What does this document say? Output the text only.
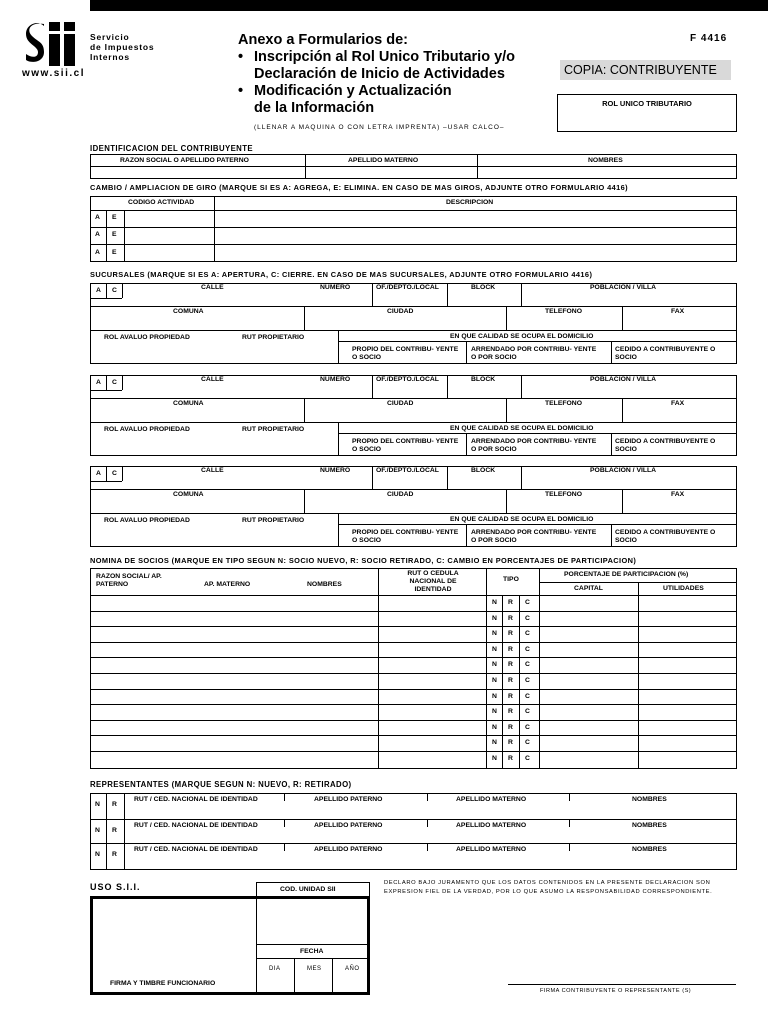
www.sii.cl
Servicio
de Impuestos
Internos
Anexo a Formularios de:
• Inscripción al Rol Unico Tributario y/o
Declaración de Inicio de Actividades
• Modificación y Actualización
de la Información
F 4416
COPIA: CONTRIBUYENTE
ROL UNICO TRIBUTARIO
(LLENAR A MAQUINA O CON LETRA IMPRENTA) –USAR CALCO–
IDENTIFICACION DEL CONTRIBUYENTE
RAZON SOCIAL O APELLIDO PATERNO	APELLIDO MATERNO	NOMBRES
CAMBIO / AMPLIACION DE GIRO (MARQUE SI ES A: AGREGA, E: ELIMINA. EN CASO DE MAS GIROS, ADJUNTE OTRO FORMULARIO 4416)
CODIGO ACTIVIDAD	DESCRIPCION
A E
A E
A E
SUCURSALES (MARQUE SI ES A: APERTURA, C: CIERRE. EN CASO DE MAS SUCURSALES, ADJUNTE OTRO FORMULARIO 4416)
A C	CALLE	NUMERO	OF./DEPTO./LOCAL	BLOCK	POBLACION / VILLA
COMUNA	CIUDAD	TELEFONO	FAX
ROL AVALUO PROPIEDAD	RUT PROPIETARIO	EN QUE CALIDAD SE OCUPA EL DOMICILIO
PROPIO DEL CONTRIBU- YENTE O SOCIO
ARRENDADO POR CONTRIBU- YENTE O POR SOCIO
CEDIDO A CONTRIBUYENTE O SOCIO
A C	CALLE	NUMERO	OF./DEPTO./LOCAL	BLOCK	POBLACION / VILLA
COMUNA	CIUDAD	TELEFONO	FAX
ROL AVALUO PROPIEDAD	RUT PROPIETARIO	EN QUE CALIDAD SE OCUPA EL DOMICILIO
PROPIO DEL CONTRIBU- YENTE O SOCIO
ARRENDADO POR CONTRIBU- YENTE O POR SOCIO
CEDIDO A CONTRIBUYENTE O SOCIO
A C	CALLE	NUMERO	OF./DEPTO./LOCAL	BLOCK	POBLACION / VILLA
COMUNA	CIUDAD	TELEFONO	FAX
ROL AVALUO PROPIEDAD	RUT PROPIETARIO	EN QUE CALIDAD SE OCUPA EL DOMICILIO
PROPIO DEL CONTRIBU- YENTE O SOCIO
ARRENDADO POR CONTRIBU- YENTE O POR SOCIO
CEDIDO A CONTRIBUYENTE O SOCIO
NOMINA DE SOCIOS (MARQUE EN TIPO SEGUN N: SOCIO NUEVO, R: SOCIO RETIRADO, C: CAMBIO EN PORCENTAJES DE PARTICIPACION)
RAZON SOCIAL/ AP. PATERNO	AP. MATERNO	NOMBRES
RUT O CEDULA NACIONAL DE IDENTIDAD
TIPO
PORCENTAJE DE PARTICIPACION (%)
CAPITAL	UTILIDADES
N R C
N R C
N R C
N R C
N R C
N R C
N R C
N R C
N R C
N R C
N R C
REPRESENTANTES (MARQUE SEGUN N: NUEVO, R: RETIRADO)
N R
RUT / CED. NACIONAL DE IDENTIDAD	APELLIDO PATERNO	APELLIDO MATERNO	NOMBRES
N R
RUT / CED. NACIONAL DE IDENTIDAD	APELLIDO PATERNO	APELLIDO MATERNO	NOMBRES
N R
RUT / CED. NACIONAL DE IDENTIDAD	APELLIDO PATERNO	APELLIDO MATERNO	NOMBRES
USO S.I.I.	COD. UNIDAD SII
FECHA
DIA	MES	AÑO
FIRMA Y TIMBRE FUNCIONARIO
DECLARO BAJO JURAMENTO QUE LOS DATOS CONTENIDOS EN LA PRESENTE DECLARACION SON EXPRESION FIEL DE LA VERDAD, POR LO QUE ASUMO LA RESPONSABILIDAD CORRESPONDIENTE.
FIRMA CONTRIBUYENTE O REPRESENTANTE (S)
